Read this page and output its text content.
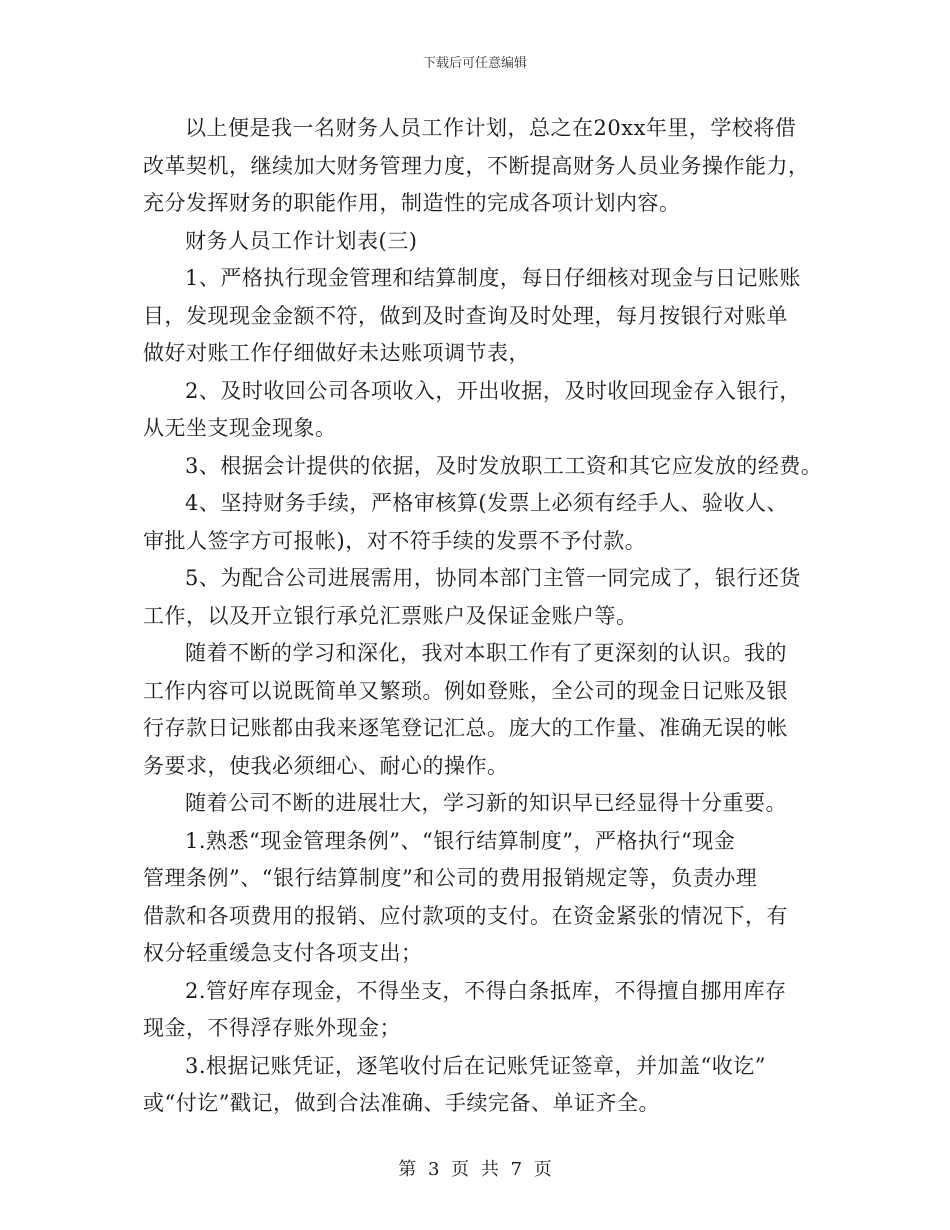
下载后可任意编辑
以上便是我一名财务人员工作计划，总之在20xx年里，学校将借
改革契机，继续加大财务管理力度，不断提高财务人员业务操作能力，
充分发挥财务的职能作用，制造性的完成各项计划内容。
财务人员工作计划表(三)
1、严格执行现金管理和结算制度，每日仔细核对现金与日记账账
目，发现现金金额不符，做到及时查询及时处理，每月按银行对账单
做好对账工作仔细做好未达账项调节表，
2、及时收回公司各项收入，开出收据，及时收回现金存入银行，
从无坐支现金现象。
3、根据会计提供的依据，及时发放职工工资和其它应发放的经费。
4、坚持财务手续，严格审核算(发票上必须有经手人、验收人、
审批人签字方可报帐)，对不符手续的发票不予付款。
5、为配合公司进展需用，协同本部门主管一同完成了，银行还货
工作，以及开立银行承兑汇票账户及保证金账户等。
随着不断的学习和深化，我对本职工作有了更深刻的认识。我的
工作内容可以说既简单又繁琐。例如登账，全公司的现金日记账及银
行存款日记账都由我来逐笔登记汇总。庞大的工作量、准确无误的帐
务要求，使我必须细心、耐心的操作。
随着公司不断的进展壮大，学习新的知识早已经显得十分重要。
1.熟悉“现金管理条例”、“银行结算制度”，严格执行“现金
管理条例”、“银行结算制度”和公司的费用报销规定等，负责办理
借款和各项费用的报销、应付款项的支付。在资金紧张的情况下，有
权分轻重缓急支付各项支出；
2.管好库存现金，不得坐支，不得白条抵库，不得擅自挪用库存
现金，不得浮存账外现金；
3.根据记账凭证，逐笔收付后在记账凭证签章，并加盖“收讫”
或“付讫”戳记，做到合法准确、手续完备、单证齐全。
第 3 页 共 7 页
